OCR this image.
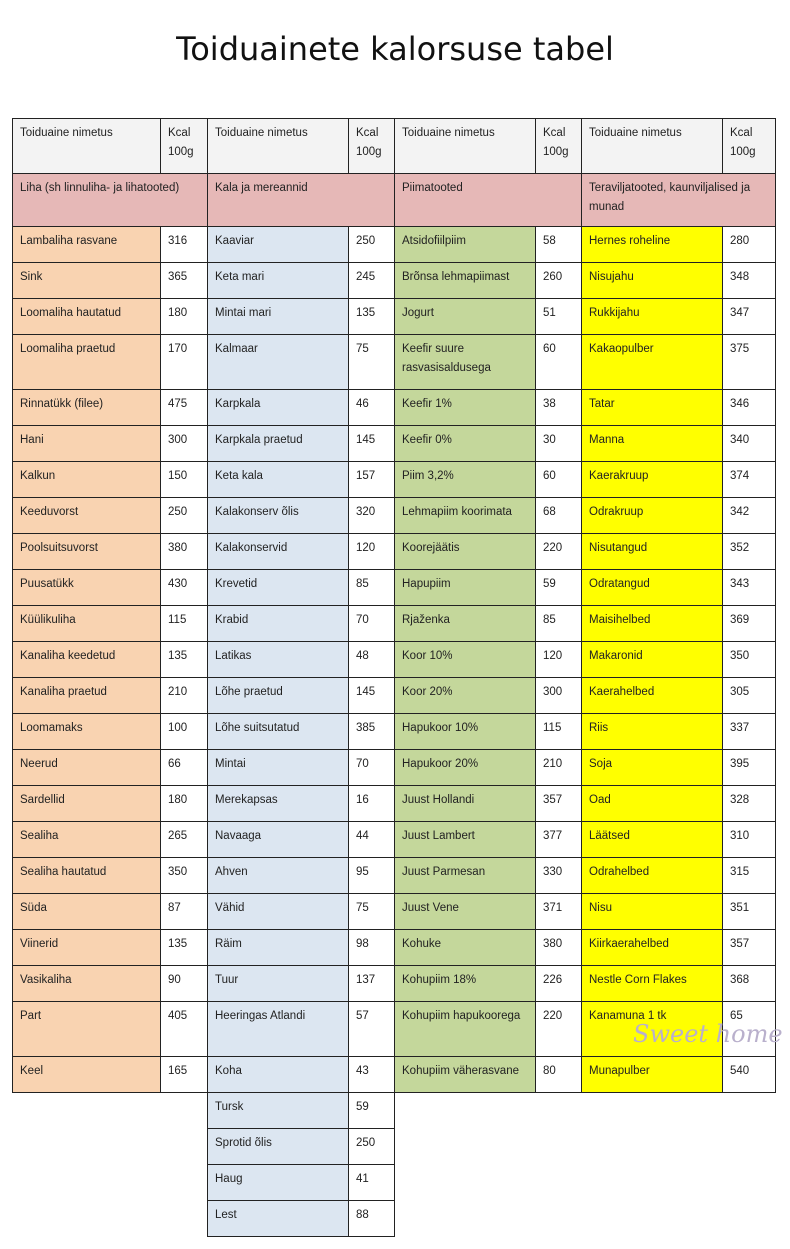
Toiduainete kalorsuse tabel
Toiduaine nimetus	Kcal 100g	Toiduaine nimetus	Kcal 100g	Toiduaine nimetus	Kcal 100g	Toiduaine nimetus	Kcal 100g
Liha (sh linnuliha- ja lihatooted)		Kala ja mereannid		Piimatooted		Teraviljatooted, kaunviljalised ja munad	
Lambaliha rasvane	316	Kaaviar	250	Atsidofiilpiim	58	Hernes roheline	280
Sink	365	Keta mari	245	Brõnsa lehmapiimast	260	Nisujahu	348
Loomaliha hautatud	180	Mintai mari	135	Jogurt	51	Rukkijahu	347
Loomaliha praetud	170	Kalmaar	75	Keefir suure rasvasisaldusega	60	Kakaopulber	375
Rinnatükk (filee)	475	Karpkala	46	Keefir 1%	38	Tatar	346
Hani	300	Karpkala praetud	145	Keefir 0%	30	Manna	340
Kalkun	150	Keta kala	157	Piim 3,2%	60	Kaerakruup	374
Keeduvorst	250	Kalakonserv õlis	320	Lehmapiim koorimata	68	Odrakruup	342
Poolsuitsuvorst	380	Kalakonservid	120	Koorejäätis	220	Nisutangud	352
Puusatükk	430	Krevetid	85	Hapupiim	59	Odratangud	343
Küülikuliha	115	Krabid	70	Rjaženka	85	Maisihelbed	369
Kanaliha keedetud	135	Latikas	48	Koor 10%	120	Makaronid	350
Kanaliha praetud	210	Lõhe praetud	145	Koor 20%	300	Kaerahelbed	305
Loomamaks	100	Lõhe suitsutatud	385	Hapukoor 10%	115	Riis	337
Neerud	66	Mintai	70	Hapukoor 20%	210	Soja	395
Sardellid	180	Merekapsas	16	Juust Hollandi	357	Oad	328
Sealiha	265	Navaaga	44	Juust Lambert	377	Läätsed	310
Sealiha hautatud	350	Ahven	95	Juust Parmesan	330	Odrahelbed	315
Süda	87	Vähid	75	Juust Vene	371	Nisu	351
Viinerid	135	Räim	98	Kohuke	380	Kiirkaerahelbed	357
Vasikaliha	90	Tuur	137	Kohupiim 18%	226	Nestle Corn Flakes	368
Part	405	Heeringas Atlandi	57	Kohupiim hapukoorega	220	Kanamuna 1 tk	65
Keel	165	Koha	43	Kohupiim väherasvane	80	Munapulber	540
		Tursk	59				
		Sprotid õlis	250				
		Haug	41				
		Lest	88				
Sweet home
